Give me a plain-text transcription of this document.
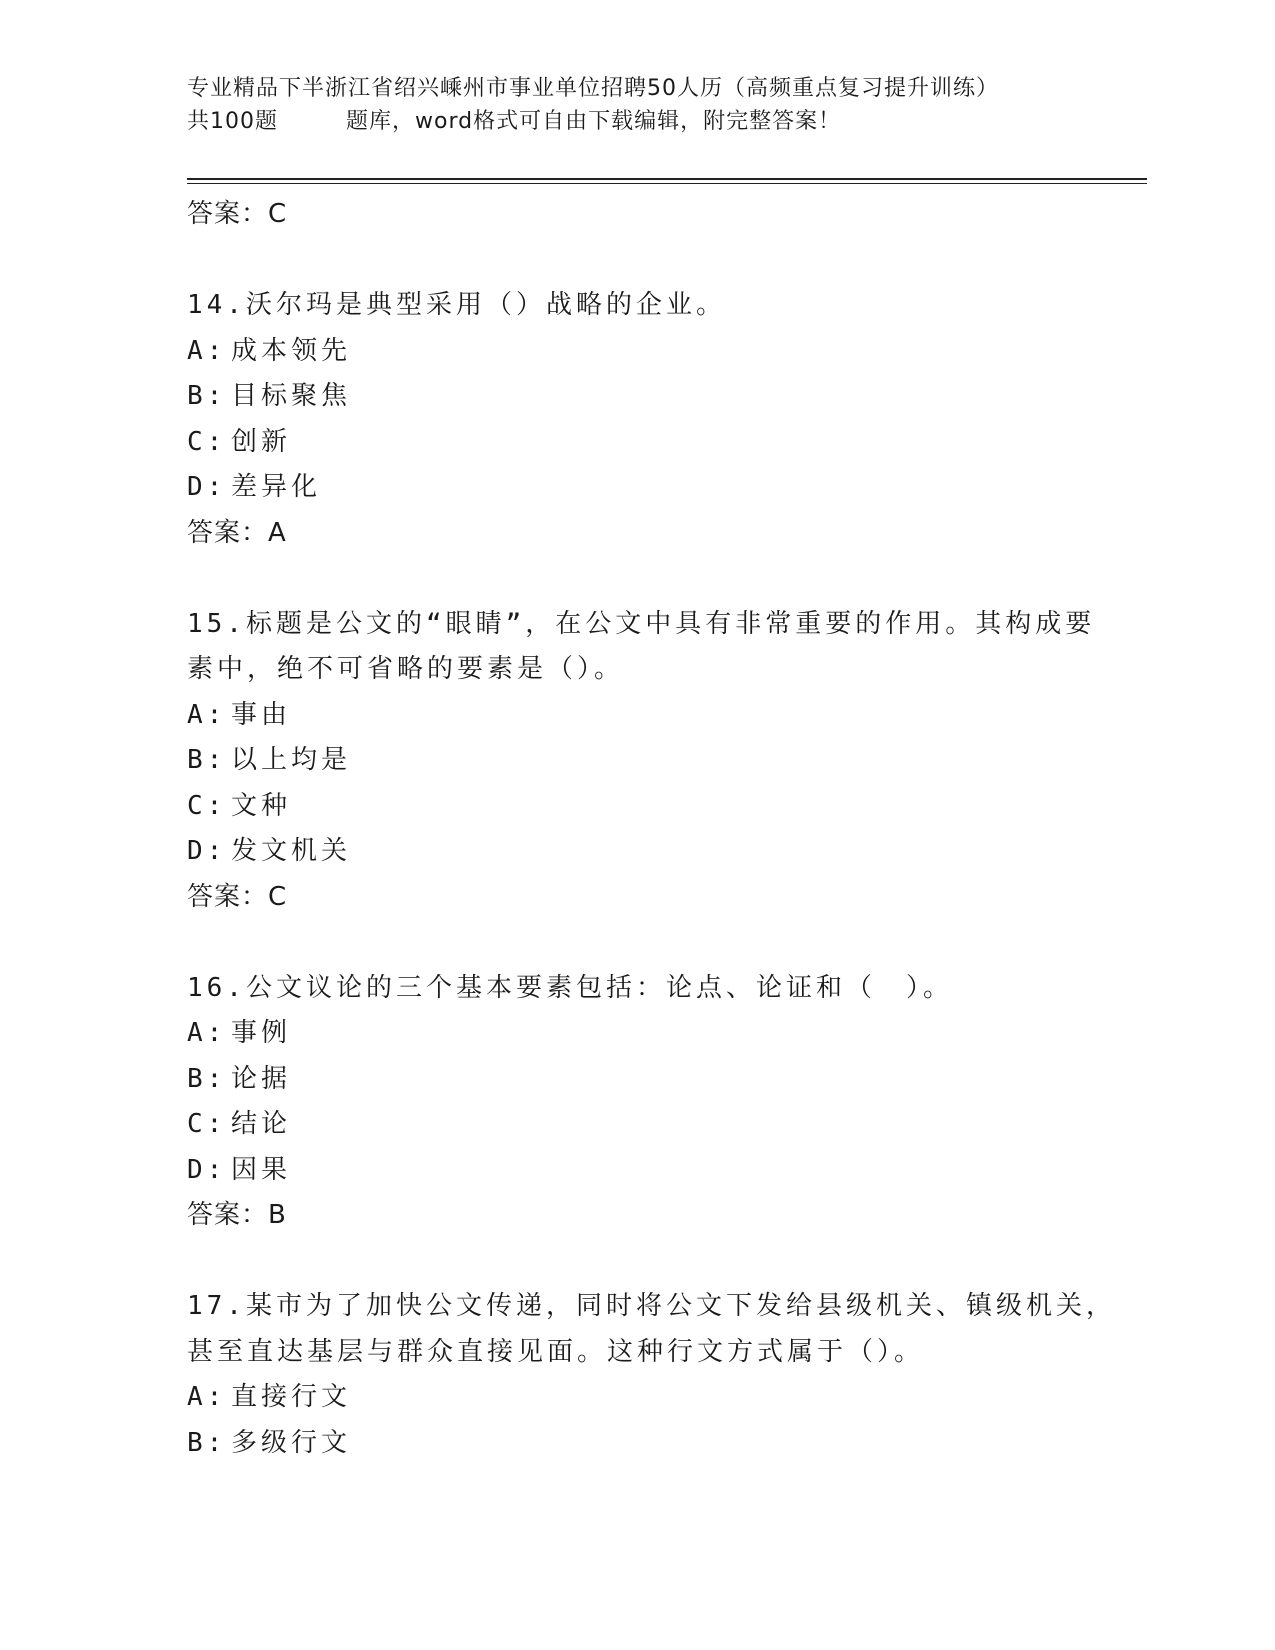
专业精品下半浙江省绍兴嵊州市事业单位招聘50人历（高频重点复习提升训练）
共100题	题库，word格式可自由下载编辑，附完整答案！
答案：C
14.沃尔玛是典型采用（）战略的企业。
A: 成本领先
B: 目标聚焦
C: 创新
D: 差异化
答案：A
15.标题是公文的“眼睛”，在公文中具有非常重要的作用。其构成要
素中，绝不可省略的要素是（）。
A: 事由
B: 以上均是
C: 文种
D: 发文机关
答案：C
16.公文议论的三个基本要素包括：论点、论证和（　）。
A: 事例
B: 论据
C: 结论
D: 因果
答案：B
17.某市为了加快公文传递，同时将公文下发给县级机关、镇级机关，
甚至直达基层与群众直接见面。这种行文方式属于（）。
A: 直接行文
B: 多级行文
